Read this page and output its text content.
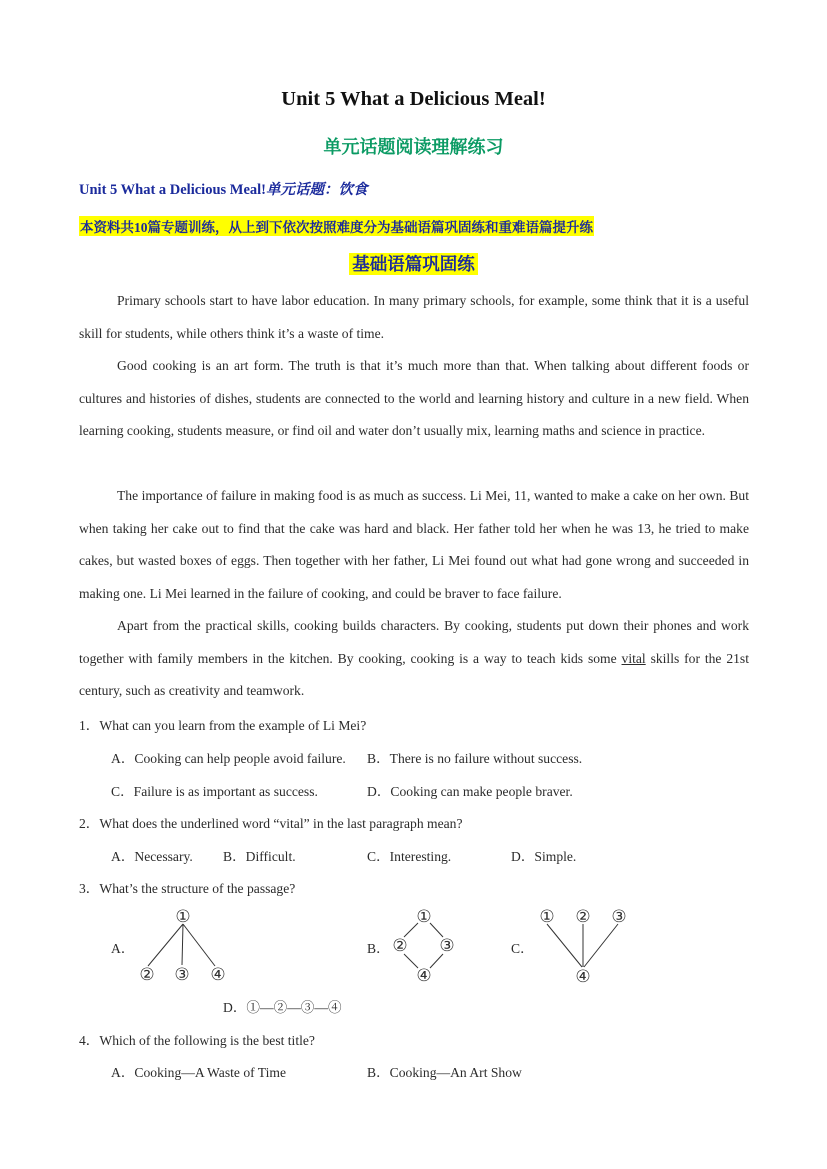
Unit 5 What a Delicious Meal!
单元话题阅读理解练习
Unit 5 What a Delicious Meal!单元话题：饮食
本资料共10篇专题训练，从上到下依次按照难度分为基础语篇巩固练和重难语篇提升练
基础语篇巩固练
Primary schools start to have labor education. In many primary schools, for example, some think that it is a useful skill for students, while others think it’s a waste of time.
Good cooking is an art form. The truth is that it’s much more than that. When talking about different foods or cultures and histories of dishes, students are connected to the world and learning history and culture in a new field. When learning cooking, students measure, or find oil and water don’t usually mix, learning maths and science in practice.
The importance of failure in making food is as much as success. Li Mei, 11, wanted to make a cake on her own. But when taking her cake out to find that the cake was hard and black. Her father told her when he was 13, he tried to make cakes, but wasted boxes of eggs. Then together with her father, Li Mei found out what had gone wrong and succeeded in making one. Li Mei learned in the failure of cooking, and could be braver to face failure.
Apart from the practical skills, cooking builds characters. By cooking, students put down their phones and work together with family members in the kitchen. By cooking, cooking is a way to teach kids some vital skills for the 21st century, such as creativity and teamwork.
1．What can you learn from the example of Li Mei?
A．Cooking can help people avoid failure. B．There is no failure without success.
C．Failure is as important as success.	D．Cooking can make people braver.
2．What does the underlined word “vital” in the last paragraph mean?
A．Necessary. B．Difficult.	C．Interesting.	D．Simple.
3．What’s the structure of the passage?
A．
①
② ③ ④
B．
①
② ③
④
C．
① ② ③
④
D．①—②—③—④
4．Which of the following is the best title?
A．Cooking—A Waste of Time	B．Cooking—An Art Show
